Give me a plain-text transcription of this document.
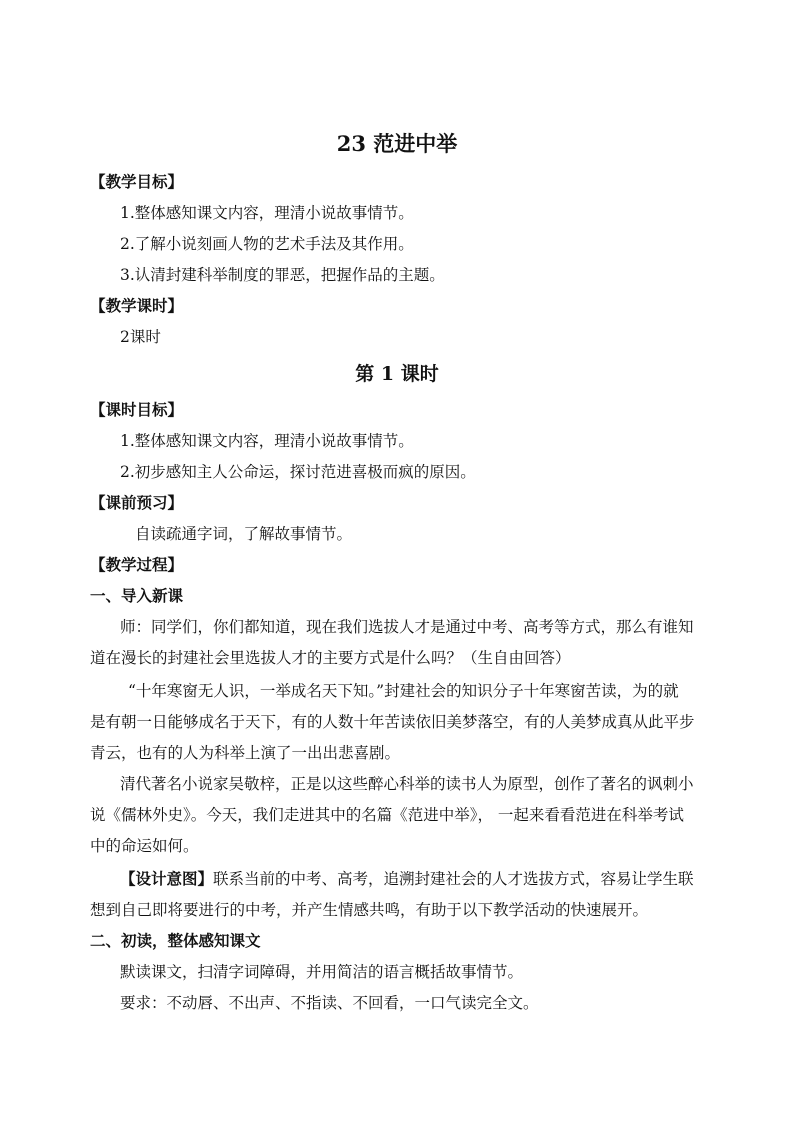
23 范进中举
【教学目标】
1.整体感知课文内容，理清小说故事情节。
2.了解小说刻画人物的艺术手法及其作用。
3.认清封建科举制度的罪恶，把握作品的主题。
【教学课时】
2课时
第 1 课时
【课时目标】
1.整体感知课文内容，理清小说故事情节。
2.初步感知主人公命运，探讨范进喜极而疯的原因。
【课前预习】
自读疏通字词，了解故事情节。
【教学过程】
一、导入新课
师：同学们，你们都知道，现在我们选拔人才是通过中考、高考等方式，那么有谁知
道在漫长的封建社会里选拔人才的主要方式是什么吗？（生自由回答）
“十年寒窗无人识，一举成名天下知。”封建社会的知识分子十年寒窗苦读，为的就
是有朝一日能够成名于天下，有的人数十年苦读依旧美梦落空，有的人美梦成真从此平步
青云，也有的人为科举上演了一出出悲喜剧。
清代著名小说家吴敬梓，正是以这些醉心科举的读书人为原型，创作了著名的讽刺小
说《儒林外史》。今天，我们走进其中的名篇《范进中举》， 一起来看看范进在科举考试
中的命运如何。
【设计意图】联系当前的中考、高考，追溯封建社会的人才选拔方式，容易让学生联
想到自己即将要进行的中考，并产生情感共鸣，有助于以下教学活动的快速展开。
二、初读，整体感知课文
默读课文，扫清字词障碍，并用简洁的语言概括故事情节。
要求：不动唇、不出声、不指读、不回看，一口气读完全文。
